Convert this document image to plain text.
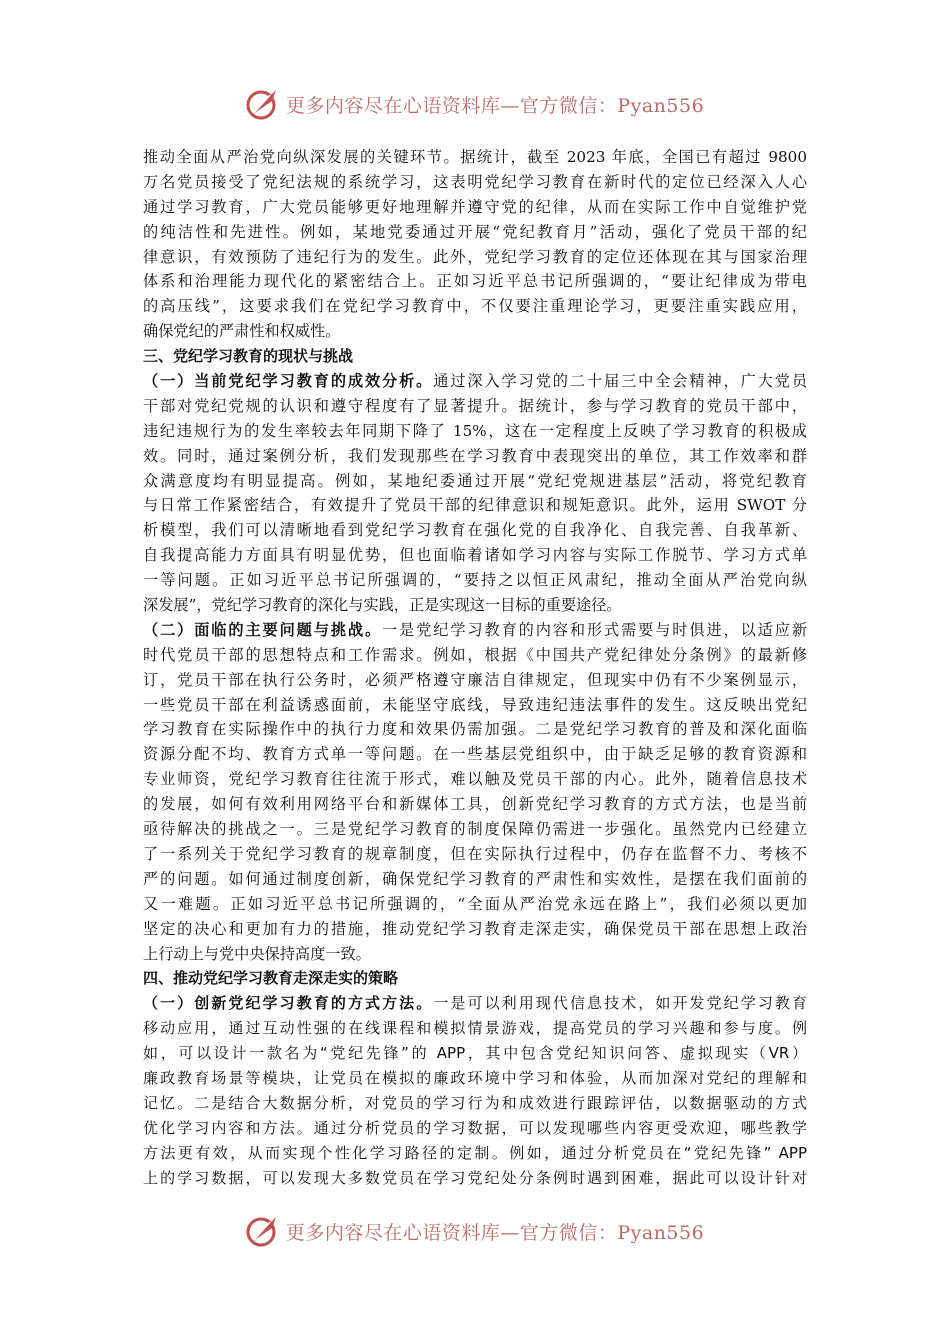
更多内容尽在心语资料库—官方微信：Pyan556
推动全面从严治党向纵深发展的关键环节。据统计，截至 2023 年底，全国已有超过 9800
万名党员接受了党纪法规的系统学习，这表明党纪学习教育在新时代的定位已经深入人心
通过学习教育，广大党员能够更好地理解并遵守党的纪律，从而在实际工作中自觉维护党
的纯洁性和先进性。例如，某地党委通过开展“党纪教育月”活动，强化了党员干部的纪
律意识，有效预防了违纪行为的发生。此外，党纪学习教育的定位还体现在其与国家治理
体系和治理能力现代化的紧密结合上。正如习近平总书记所强调的，“要让纪律成为带电
的高压线”，这要求我们在党纪学习教育中，不仅要注重理论学习，更要注重实践应用，
确保党纪的严肃性和权威性。
三、党纪学习教育的现状与挑战
（一）当前党纪学习教育的成效分析。通过深入学习党的二十届三中全会精神，广大党员
干部对党纪党规的认识和遵守程度有了显著提升。据统计，参与学习教育的党员干部中，
违纪违规行为的发生率较去年同期下降了 15%，这在一定程度上反映了学习教育的积极成
效。同时，通过案例分析，我们发现那些在学习教育中表现突出的单位，其工作效率和群
众满意度均有明显提高。例如，某地纪委通过开展“党纪党规进基层”活动，将党纪教育
与日常工作紧密结合，有效提升了党员干部的纪律意识和规矩意识。此外，运用 SWOT 分
析模型，我们可以清晰地看到党纪学习教育在强化党的自我净化、自我完善、自我革新、
自我提高能力方面具有明显优势，但也面临着诸如学习内容与实际工作脱节、学习方式单
一等问题。正如习近平总书记所强调的，“要持之以恒正风肃纪，推动全面从严治党向纵
深发展”，党纪学习教育的深化与实践，正是实现这一目标的重要途径。
（二）面临的主要问题与挑战。一是党纪学习教育的内容和形式需要与时俱进，以适应新
时代党员干部的思想特点和工作需求。例如，根据《中国共产党纪律处分条例》的最新修
订，党员干部在执行公务时，必须严格遵守廉洁自律规定，但现实中仍有不少案例显示，
一些党员干部在利益诱惑面前，未能坚守底线，导致违纪违法事件的发生。这反映出党纪
学习教育在实际操作中的执行力度和效果仍需加强。二是党纪学习教育的普及和深化面临
资源分配不均、教育方式单一等问题。在一些基层党组织中，由于缺乏足够的教育资源和
专业师资，党纪学习教育往往流于形式，难以触及党员干部的内心。此外，随着信息技术
的发展，如何有效利用网络平台和新媒体工具，创新党纪学习教育的方式方法，也是当前
亟待解决的挑战之一。三是党纪学习教育的制度保障仍需进一步强化。虽然党内已经建立
了一系列关于党纪学习教育的规章制度，但在实际执行过程中，仍存在监督不力、考核不
严的问题。如何通过制度创新，确保党纪学习教育的严肃性和实效性，是摆在我们面前的
又一难题。正如习近平总书记所强调的，“全面从严治党永远在路上”，我们必须以更加
坚定的决心和更加有力的措施，推动党纪学习教育走深走实，确保党员干部在思想上政治
上行动上与党中央保持高度一致。
四、推动党纪学习教育走深走实的策略
（一）创新党纪学习教育的方式方法。一是可以利用现代信息技术，如开发党纪学习教育
移动应用，通过互动性强的在线课程和模拟情景游戏，提高党员的学习兴趣和参与度。例
如，可以设计一款名为“党纪先锋”的 APP，其中包含党纪知识问答、虚拟现实（VR）
廉政教育场景等模块，让党员在模拟的廉政环境中学习和体验，从而加深对党纪的理解和
记忆。二是结合大数据分析，对党员的学习行为和成效进行跟踪评估，以数据驱动的方式
优化学习内容和方法。通过分析党员的学习数据，可以发现哪些内容更受欢迎，哪些教学
方法更有效，从而实现个性化学习路径的定制。例如，通过分析党员在“党纪先锋” APP
上的学习数据，可以发现大多数党员在学习党纪处分条例时遇到困难，据此可以设计针对
更多内容尽在心语资料库—官方微信：Pyan556
